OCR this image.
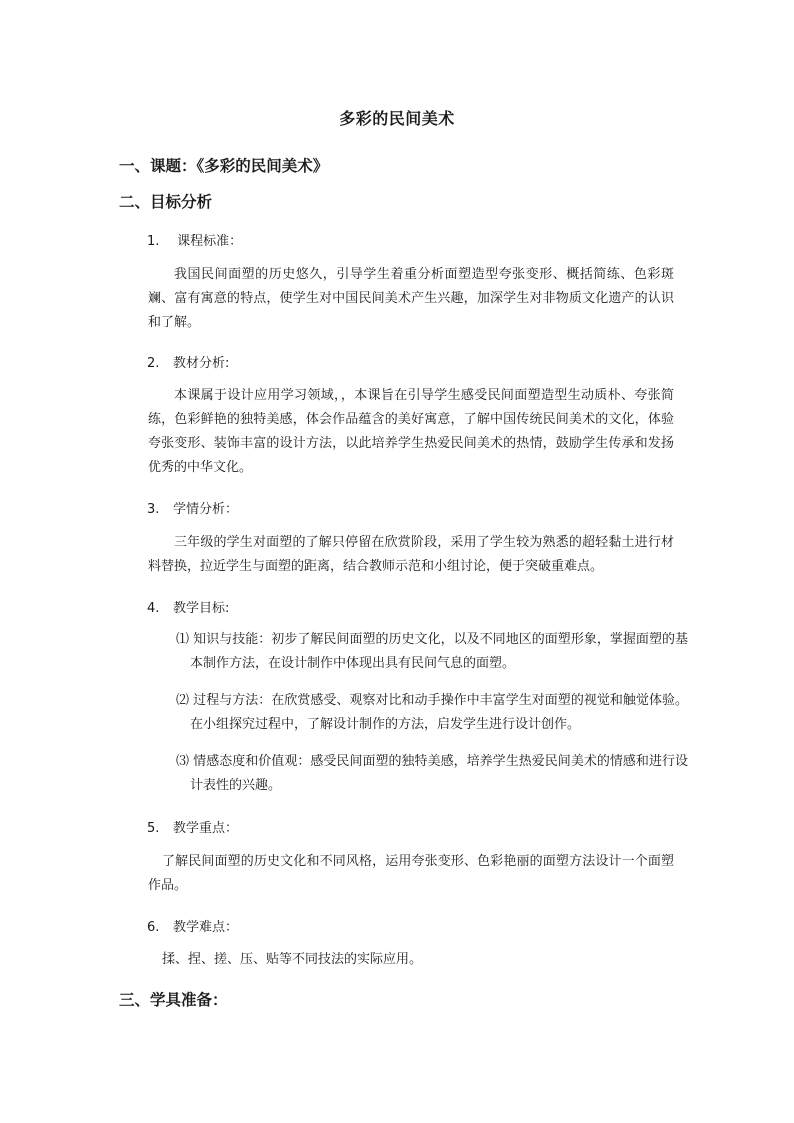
多彩的民间美术
一、课题：《多彩的民间美术》
二、目标分析
1. 课程标准：
我国民间面塑的历史悠久，引导学生着重分析面塑造型夸张变形、概括简练、色彩斑斓、富有寓意的特点，使学生对中国民间美术产生兴趣，加深学生对非物质文化遗产的认识和了解。
2. 教材分析:
本课属于设计应用学习领域，，本课旨在引导学生感受民间面塑造型生动质朴、夸张简练，色彩鲜艳的独特美感，体会作品蕴含的美好寓意，了解中国传统民间美术的文化，体验夸张变形、装饰丰富的设计方法，以此培养学生热爱民间美术的热情，鼓励学生传承和发扬优秀的中华文化。
3. 学情分析：
三年级的学生对面塑的了解只停留在欣赏阶段，采用了学生较为熟悉的超轻黏土进行材料替换，拉近学生与面塑的距离，结合教师示范和小组讨论，便于突破重难点。
4. 教学目标:
⑴ 知识与技能：初步了解民间面塑的历史文化，以及不同地区的面塑形象，掌握面塑的基本制作方法，在设计制作中体现出具有民间气息的面塑。
⑵ 过程与方法：在欣赏感受、观察对比和动手操作中丰富学生对面塑的视觉和触觉体验。在小组探究过程中，了解设计制作的方法，启发学生进行设计创作。
⑶ 情感态度和价值观：感受民间面塑的独特美感，培养学生热爱民间美术的情感和进行设计表性的兴趣。
5. 教学重点：
了解民间面塑的历史文化和不同风格，运用夸张变形、色彩艳丽的面塑方法设计一个面塑作品。
6. 教学难点：
揉、捏、搓、压、贴等不同技法的实际应用。
三、学具准备：
